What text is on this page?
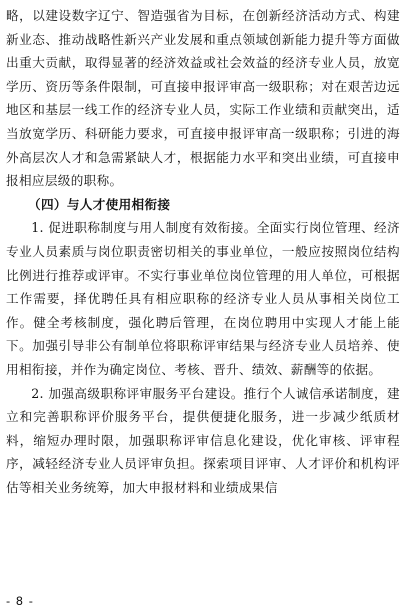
略，以建设数字辽宁、智造强省为目标，在创新经济活动方式、构建新业态、推动战略性新兴产业发展和重点领域创新能力提升等方面做出重大贡献，取得显著的经济效益或社会效益的经济专业人员，放宽学历、资历等条件限制，可直接申报评审高一级职称；对在艰苦边远地区和基层一线工作的经济专业人员，实际工作业绩和贡献突出，适当放宽学历、科研能力要求，可直接申报评审高一级职称；引进的海外高层次人才和急需紧缺人才，根据能力水平和突出业绩，可直接申报相应层级的职称。

（四）与人才使用相衔接

1. 促进职称制度与用人制度有效衔接。全面实行岗位管理、经济专业人员素质与岗位职责密切相关的事业单位，一般应按照岗位结构比例进行推荐或评审。不实行事业单位岗位管理的用人单位，可根据工作需要，择优聘任具有相应职称的经济专业人员从事相关岗位工作。健全考核制度，强化聘后管理，在岗位聘用中实现人才能上能下。加强引导非公有制单位将职称评审结果与经济专业人员培养、使用相衔接，并作为确定岗位、考核、晋升、绩效、薪酬等的依据。

2. 加强高级职称评审服务平台建设。推行个人诚信承诺制度，建立和完善职称评价服务平台，提供便捷化服务，进一步减少纸质材料，缩短办理时限，加强职称评审信息化建设，优化审核、评审程序，减轻经济专业人员评审负担。探索项目评审、人才评价和机构评估等相关业务统筹，加大申报材料和业绩成果信

- 8 -
